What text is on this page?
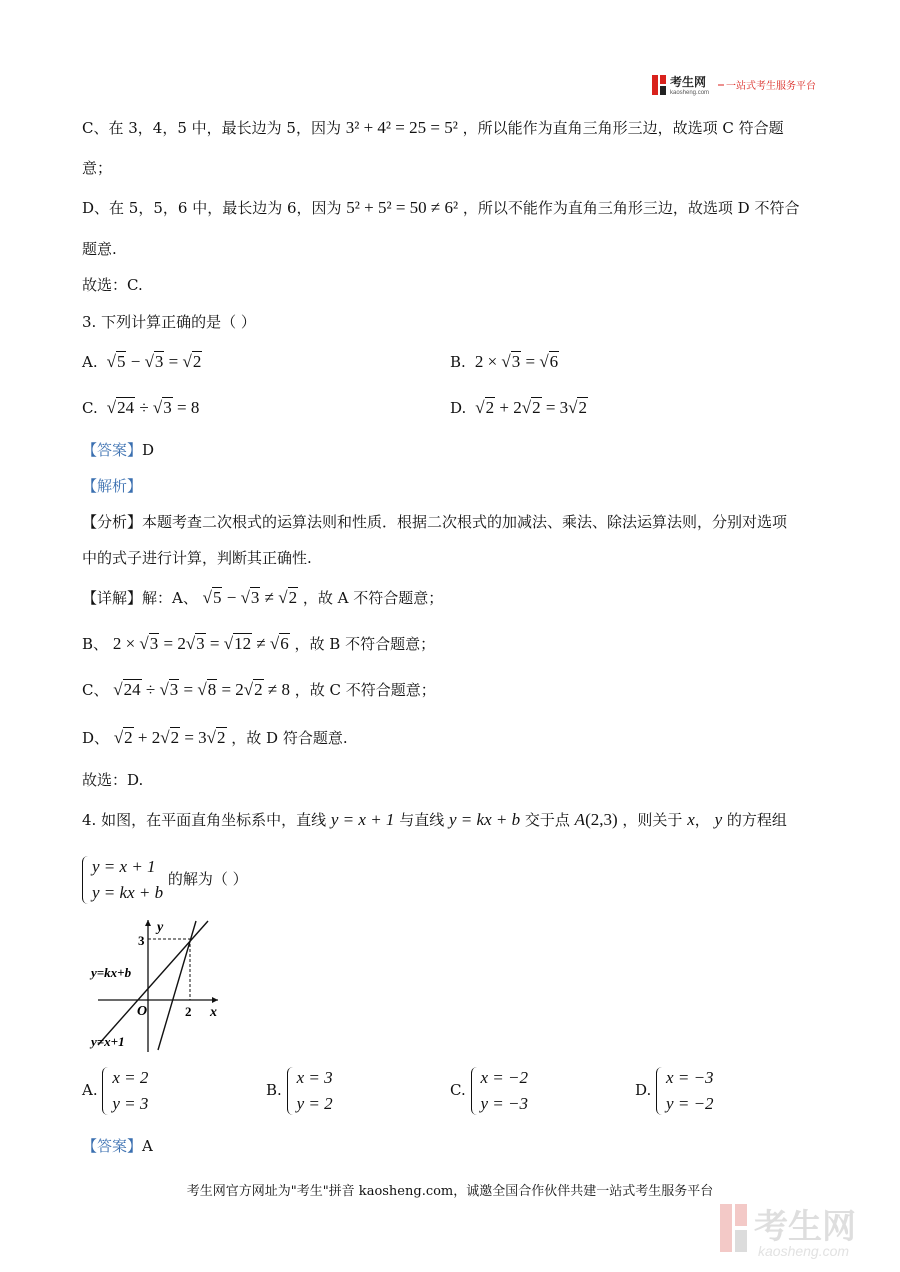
考生网
kaosheng.com
一站式考生服务平台
C、在 3，4，5 中，最长边为 5，因为 3² + 4² = 25 = 5² ，所以能作为直角三角形三边，故选项 C 符合题
意；
D、在 5，5，6 中，最长边为 6，因为 5² + 5² = 50 ≠ 6² ，所以不能作为直角三角形三边，故选项 D 不符合
题意.
故选：C.
3. 下列计算正确的是（ ）
A.  √5 − √3 = √2	B.  2 × √3 = √6
C.  √24 ÷ √3 = 8	D.  √2 + 2√2 = 3√2
【答案】D
【解析】
【分析】本题考查二次根式的运算法则和性质．根据二次根式的加减法、乘法、除法运算法则，分别对选项
中的式子进行计算，判断其正确性.
【详解】解：A、 √5 − √3 ≠ √2 ，故 A 不符合题意；
B、 2 × √3 = 2√3 = √12 ≠ √6 ，故 B 不符合题意；
C、 √24 ÷ √3 = √8 = 2√2 ≠ 8 ，故 C 不符合题意；
D、 √2 + 2√2 = 3√2 ，故 D 符合题意.
故选：D.
4. 如图，在平面直角坐标系中，直线 y = x + 1 与直线 y = kx + b 交于点 A(2,3) ，则关于 x， y 的方程组
y = x + 1
y = kx + b
的解为（ ）
y
x
3
2
O
y=kx+b
y=x+1
A.
x = 2
y = 3
B.
x = 3
y = 2
C.
x = −2
y = −3
D.
x = −3
y = −2
【答案】A
考生网官方网址为"考生"拼音 kaosheng.com，诚邀全国合作伙伴共建一站式考生服务平台
考生网
kaosheng.com
